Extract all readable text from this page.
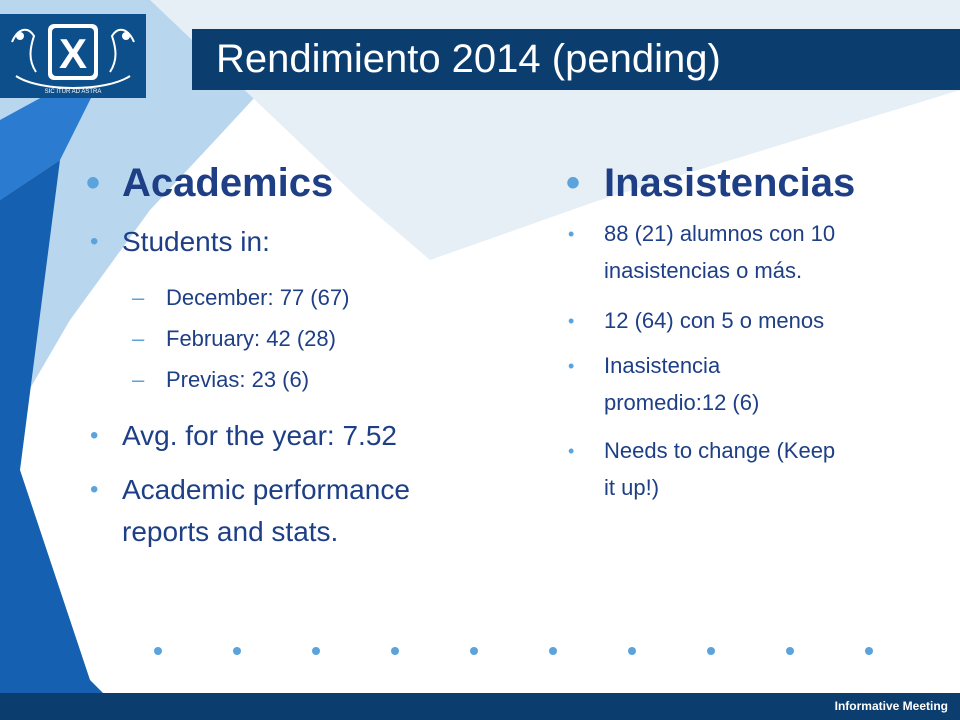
X
SIC ITUR AD ASTRA
Rendimiento 2014 (pending)
• Academics
• Students in:
– December: 77 (67)
– February: 42 (28)
– Previas: 23 (6)
• Avg. for the year: 7.52
• Academic performance
reports and stats.
• Inasistencias
• 88 (21) alumnos con 10
inasistencias o más.
• 12 (64) con 5 o menos
• Inasistencia
promedio:12 (6)
• Needs to change (Keep
it up!)
Informative Meeting
